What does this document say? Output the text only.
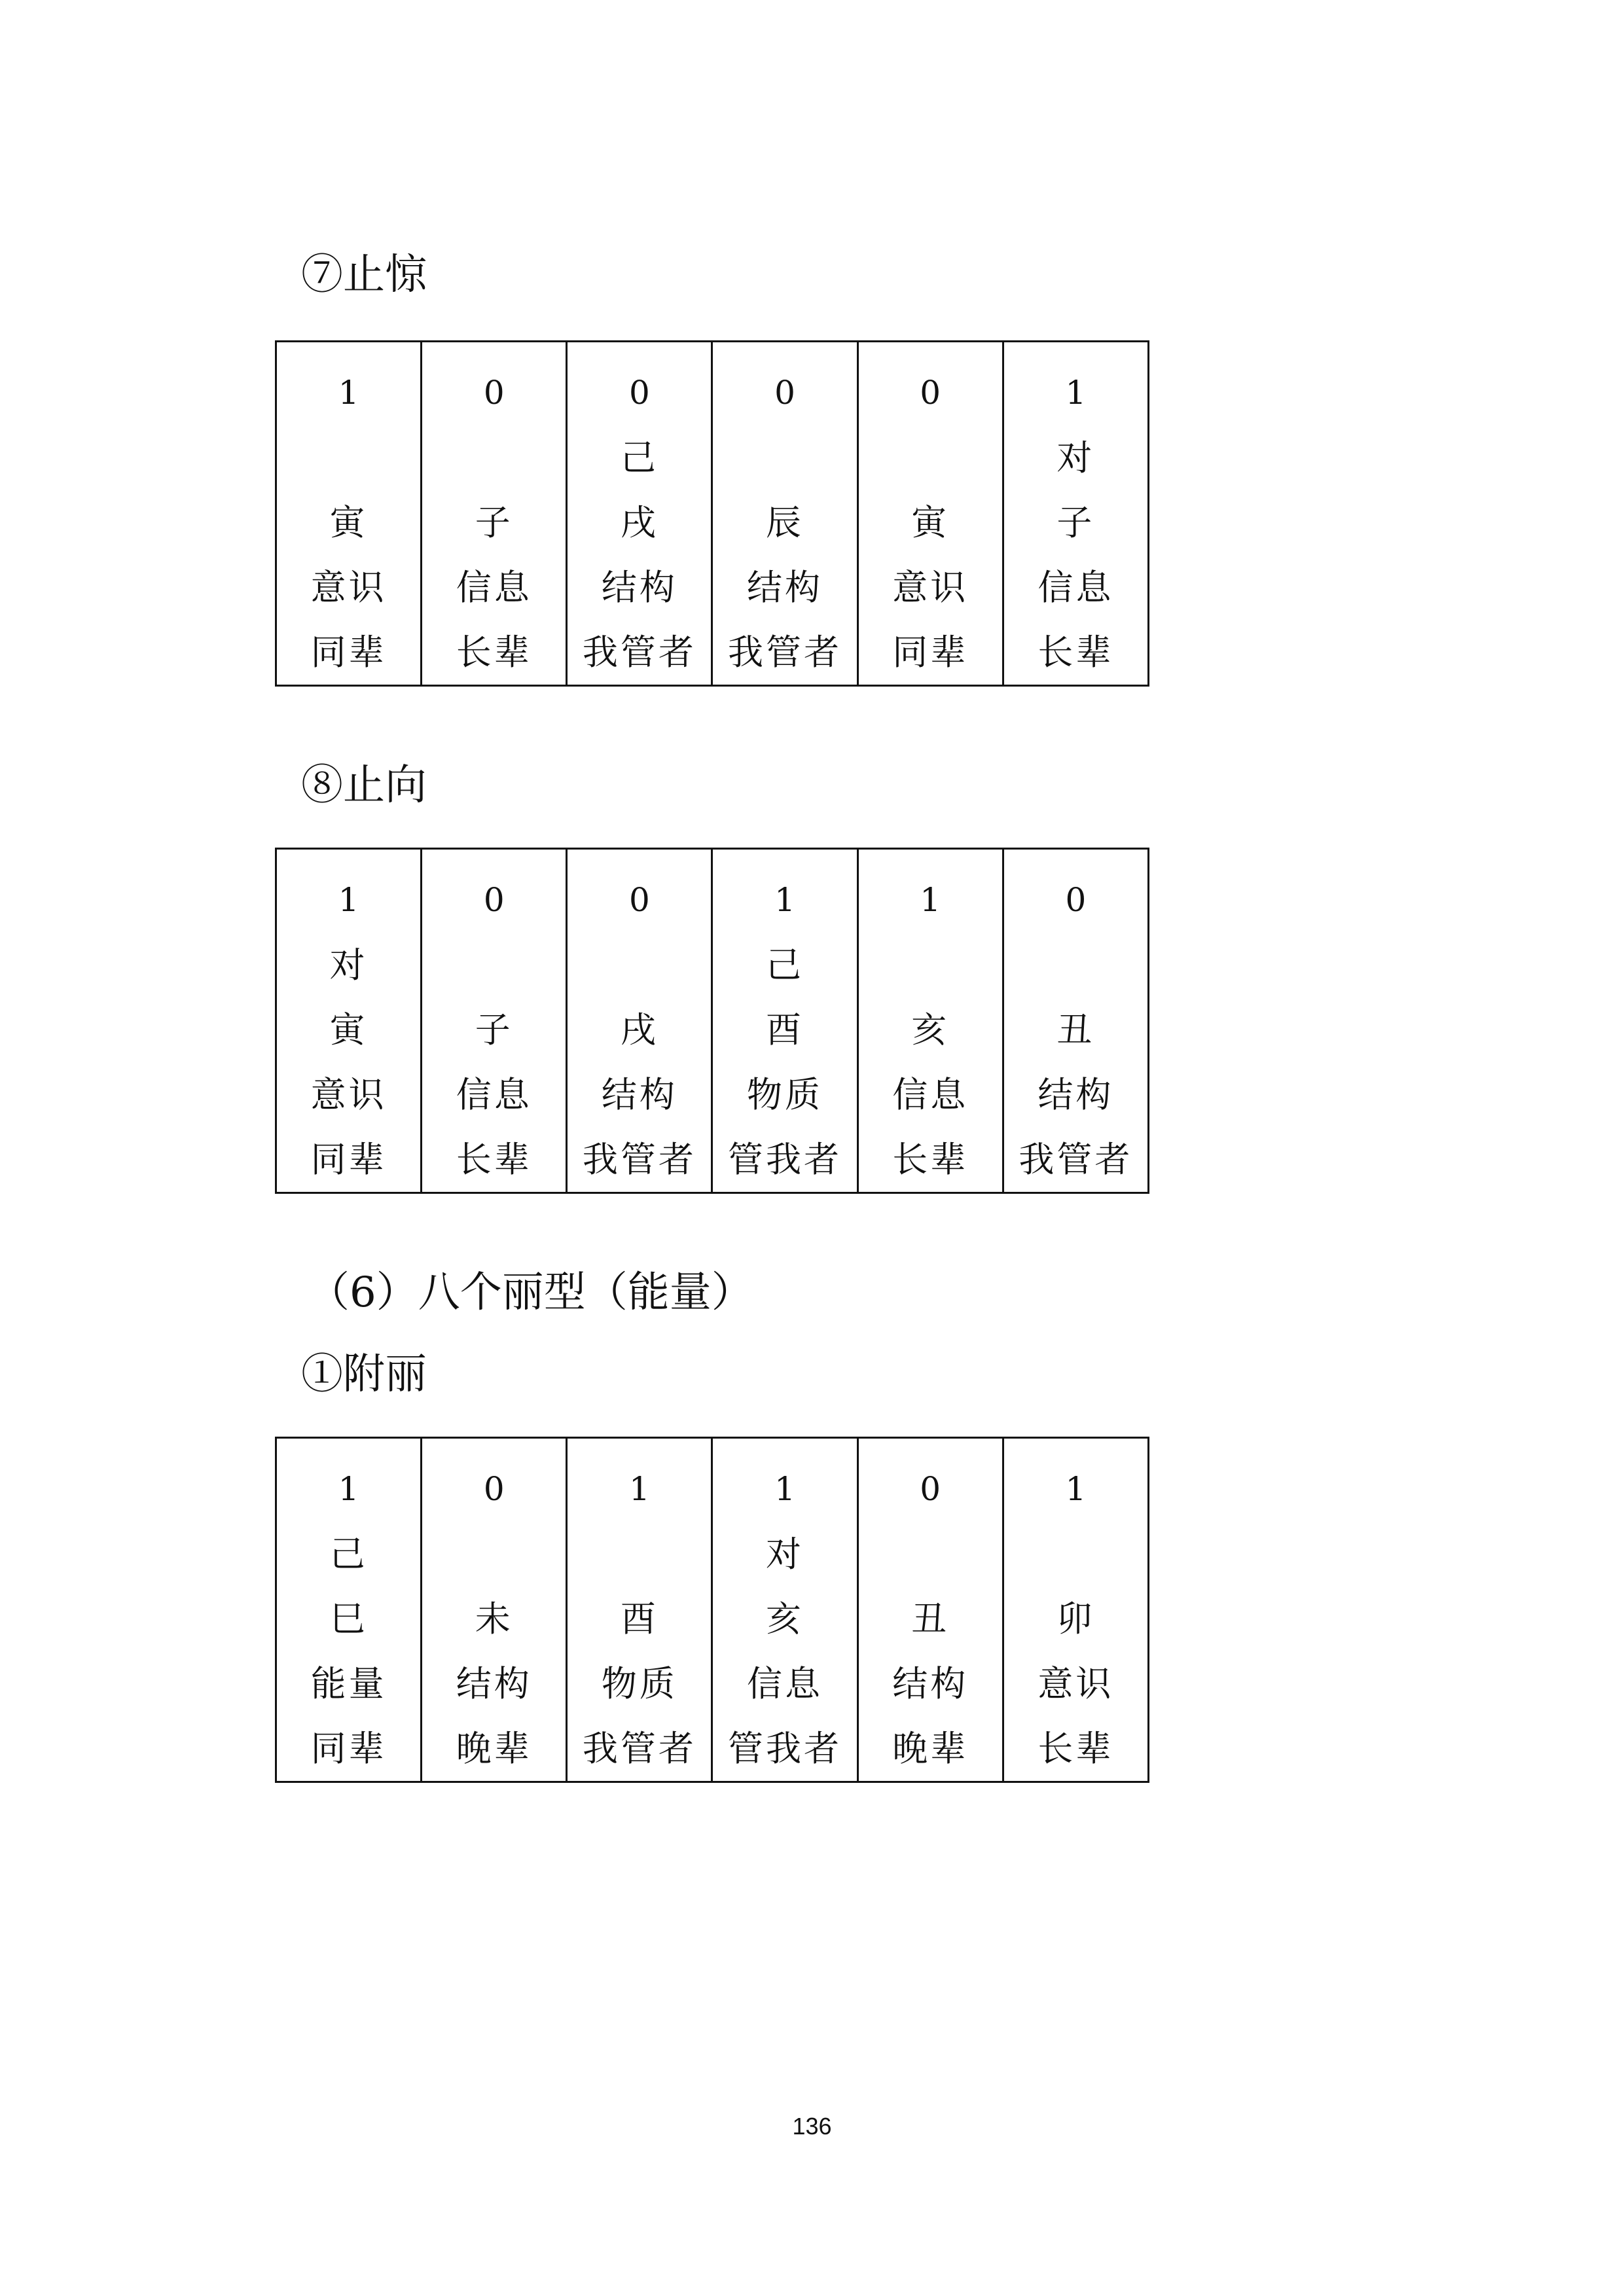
⑦止惊
1
寅
意识
同辈

0
子
信息
长辈

0
己
戌
结构
我管者

0
辰
结构
我管者

0
寅
意识
同辈

1
对
子
信息
长辈
⑧止向
1
对
寅
意识
同辈

0
子
信息
长辈

0
戌
结构
我管者

1
己
酉
物质
管我者

1
亥
信息
长辈

0
丑
结构
我管者
（6）八个丽型（能量）
①附丽
1
己
巳
能量
同辈

0
未
结构
晚辈

1
酉
物质
我管者

1
对
亥
信息
管我者

0
丑
结构
晚辈

1
卯
意识
长辈
136
